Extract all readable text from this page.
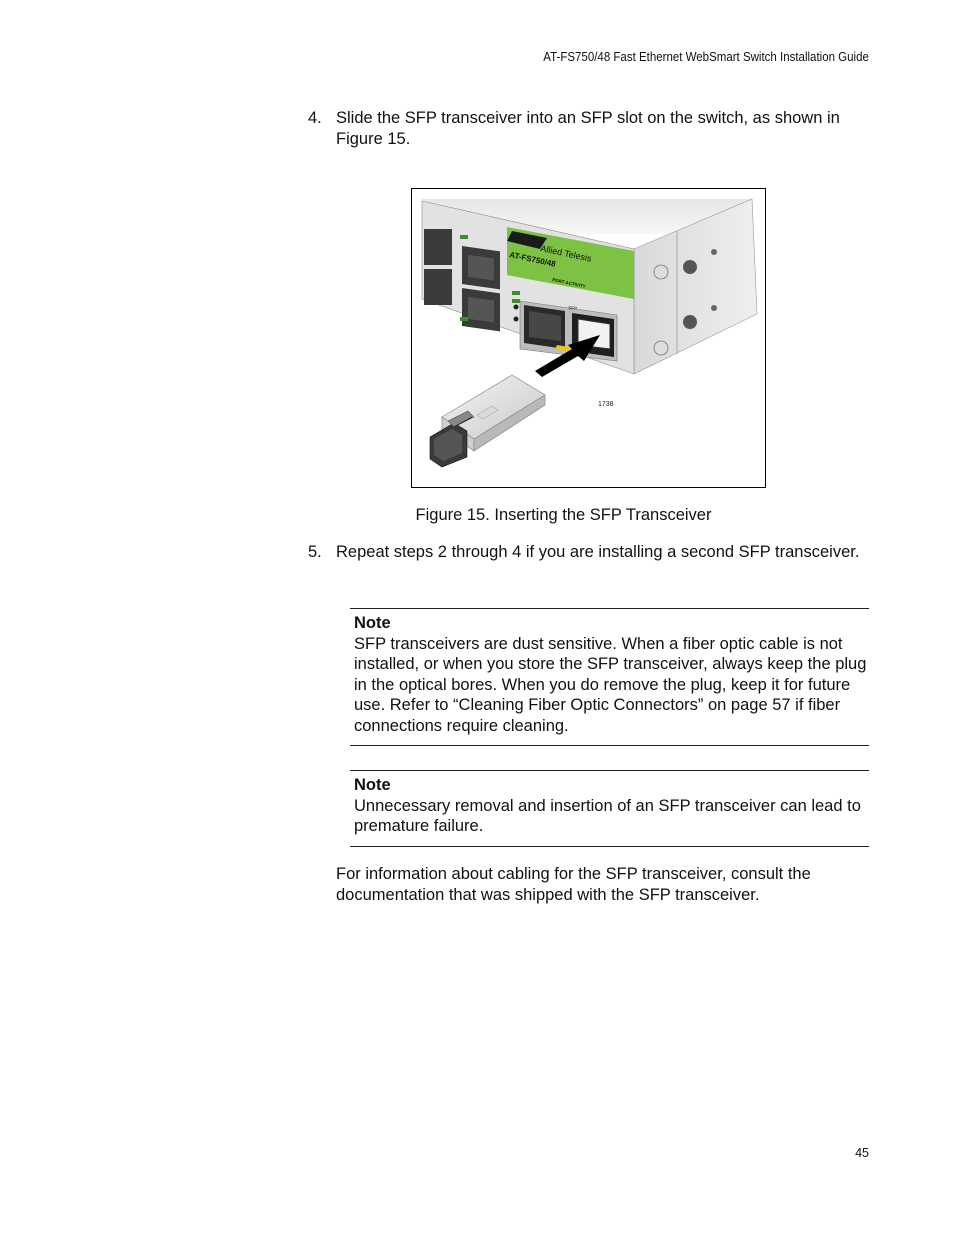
AT-FS750/48 Fast Ethernet WebSmart Switch Installation Guide
4. Slide the SFP transceiver into an SFP slot on the switch, as shown in Figure 15.
Allied Telesis
AT-FS750/48
PORT ACTIVITY
SFP
1738
Figure 15. Inserting the SFP Transceiver
5. Repeat steps 2 through 4 if you are installing a second SFP transceiver.
Note
SFP transceivers are dust sensitive. When a fiber optic cable is not installed, or when you store the SFP transceiver, always keep the plug in the optical bores. When you do remove the plug, keep it for future use. Refer to “Cleaning Fiber Optic Connectors” on page 57 if fiber connections require cleaning.
Note
Unnecessary removal and insertion of an SFP transceiver can lead to premature failure.
For information about cabling for the SFP transceiver, consult the documentation that was shipped with the SFP transceiver.
45
